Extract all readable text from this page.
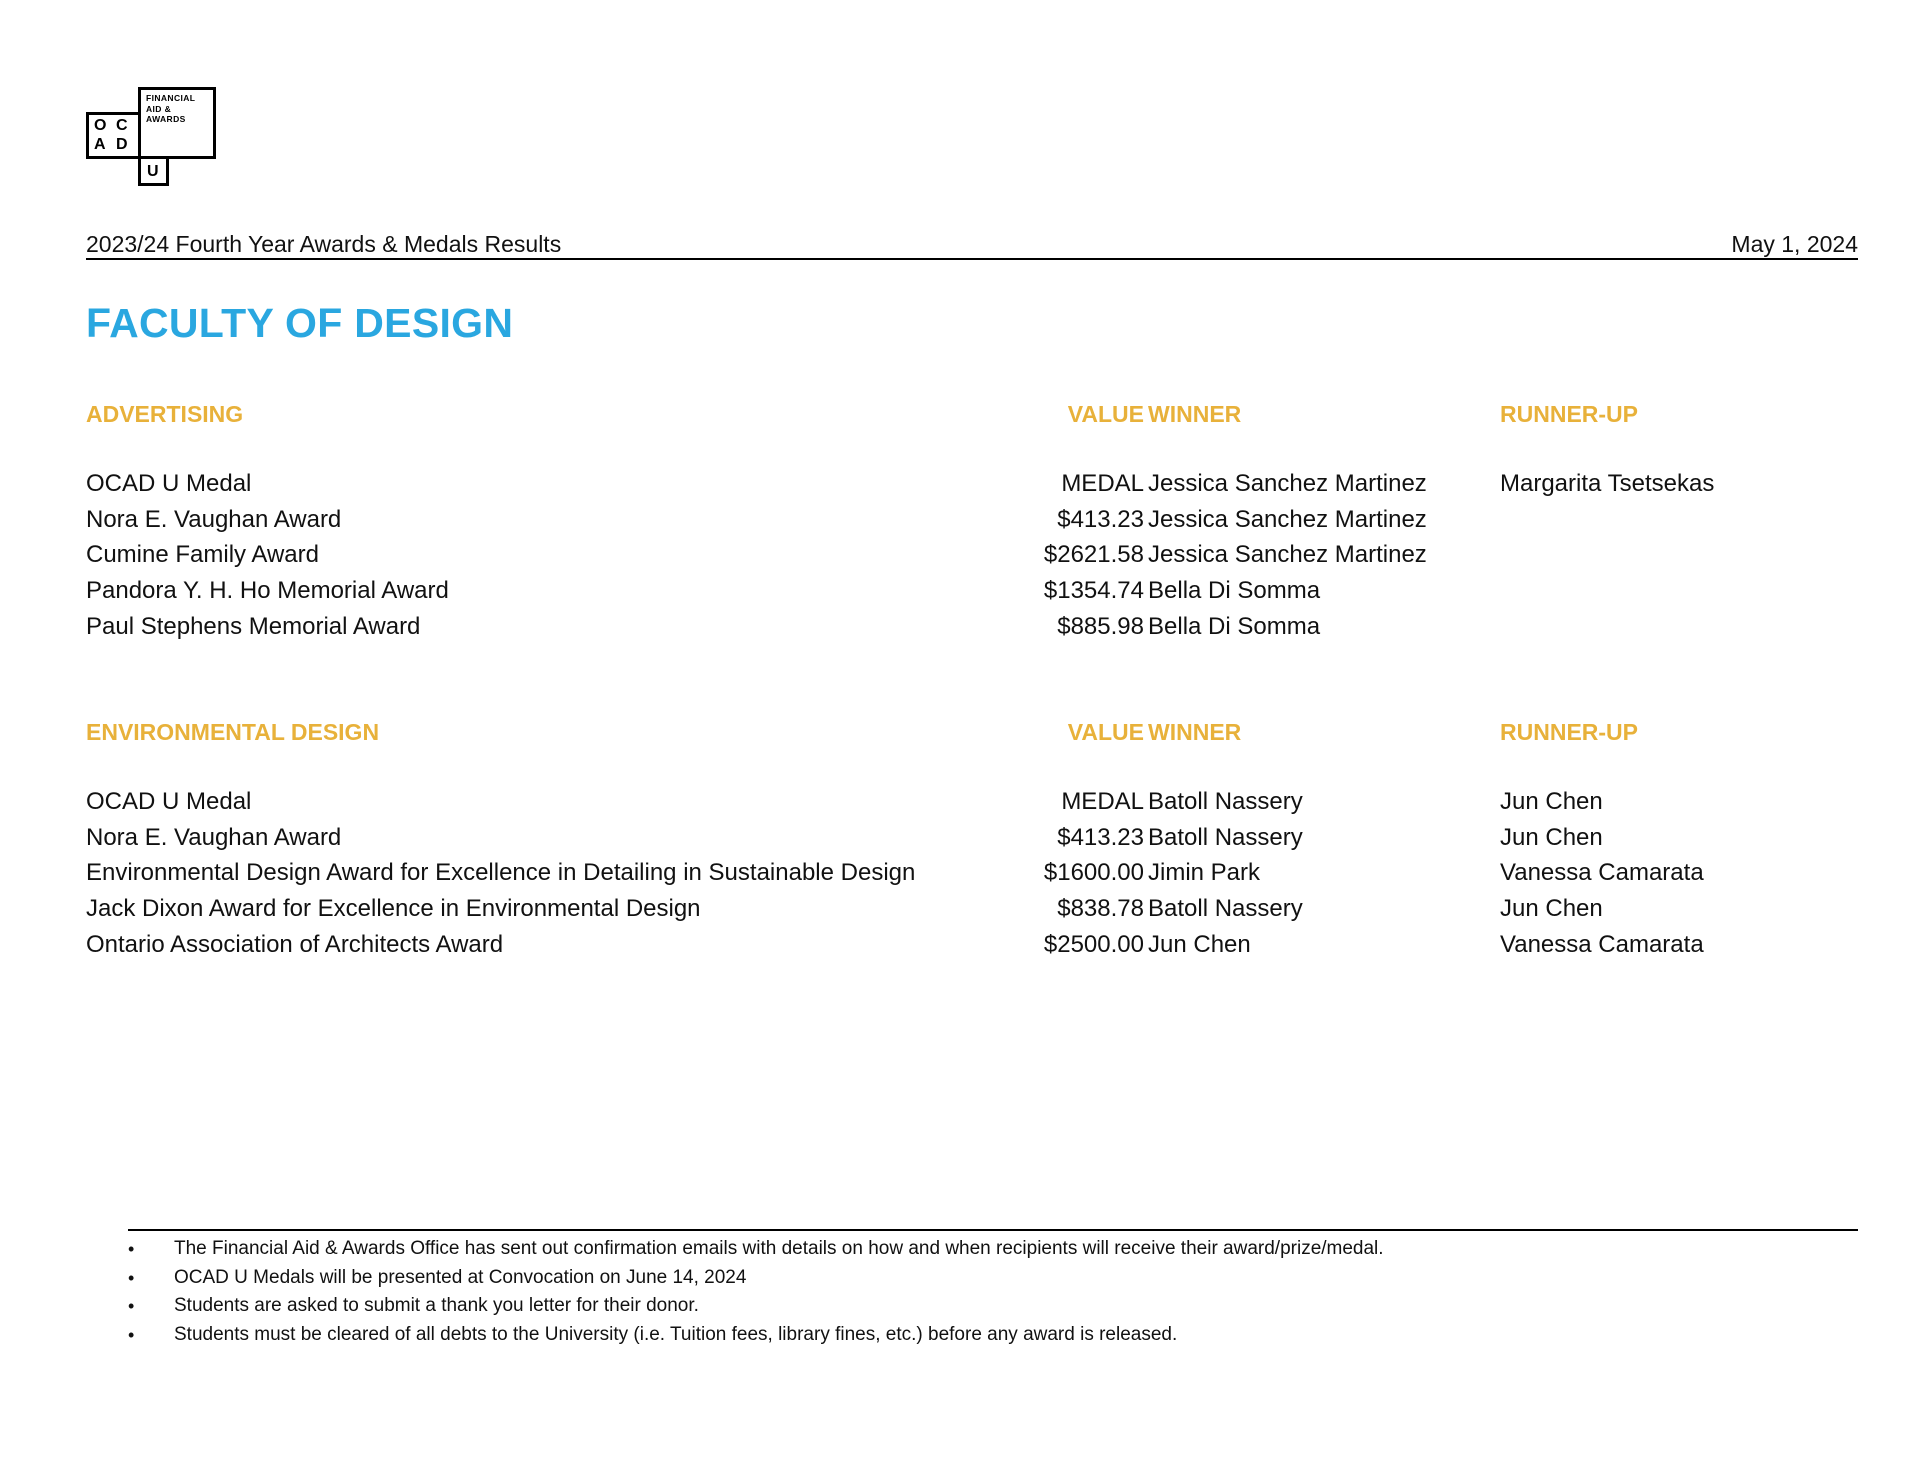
FINANCIAL
AID &
AWARDS
O C
A D
U
2023/24 Fourth Year Awards & Medals Results	May 1, 2024
FACULTY OF DESIGN
ADVERTISING	VALUE WINNER	RUNNER-UP
OCAD U Medal	MEDAL Jessica Sanchez Martinez	Margarita Tsetsekas
Nora E. Vaughan Award	$413.23 Jessica Sanchez Martinez
Cumine Family Award	$2621.58 Jessica Sanchez Martinez
Pandora Y. H. Ho Memorial Award	$1354.74 Bella Di Somma
Paul Stephens Memorial Award	$885.98 Bella Di Somma
ENVIRONMENTAL DESIGN	VALUE WINNER	RUNNER-UP
OCAD U Medal	MEDAL Batoll Nassery	Jun Chen
Nora E. Vaughan Award	$413.23 Batoll Nassery	Jun Chen
Environmental Design Award for Excellence in Detailing in Sustainable Design	$1600.00 Jimin Park	Vanessa Camarata
Jack Dixon Award for Excellence in Environmental Design	$838.78 Batoll Nassery	Jun Chen
Ontario Association of Architects Award	$2500.00 Jun Chen	Vanessa Camarata
• The Financial Aid & Awards Office has sent out confirmation emails with details on how and when recipients will receive their award/prize/medal.
• OCAD U Medals will be presented at Convocation on June 14, 2024
• Students are asked to submit a thank you letter for their donor.
• Students must be cleared of all debts to the University (i.e. Tuition fees, library fines, etc.) before any award is released.
